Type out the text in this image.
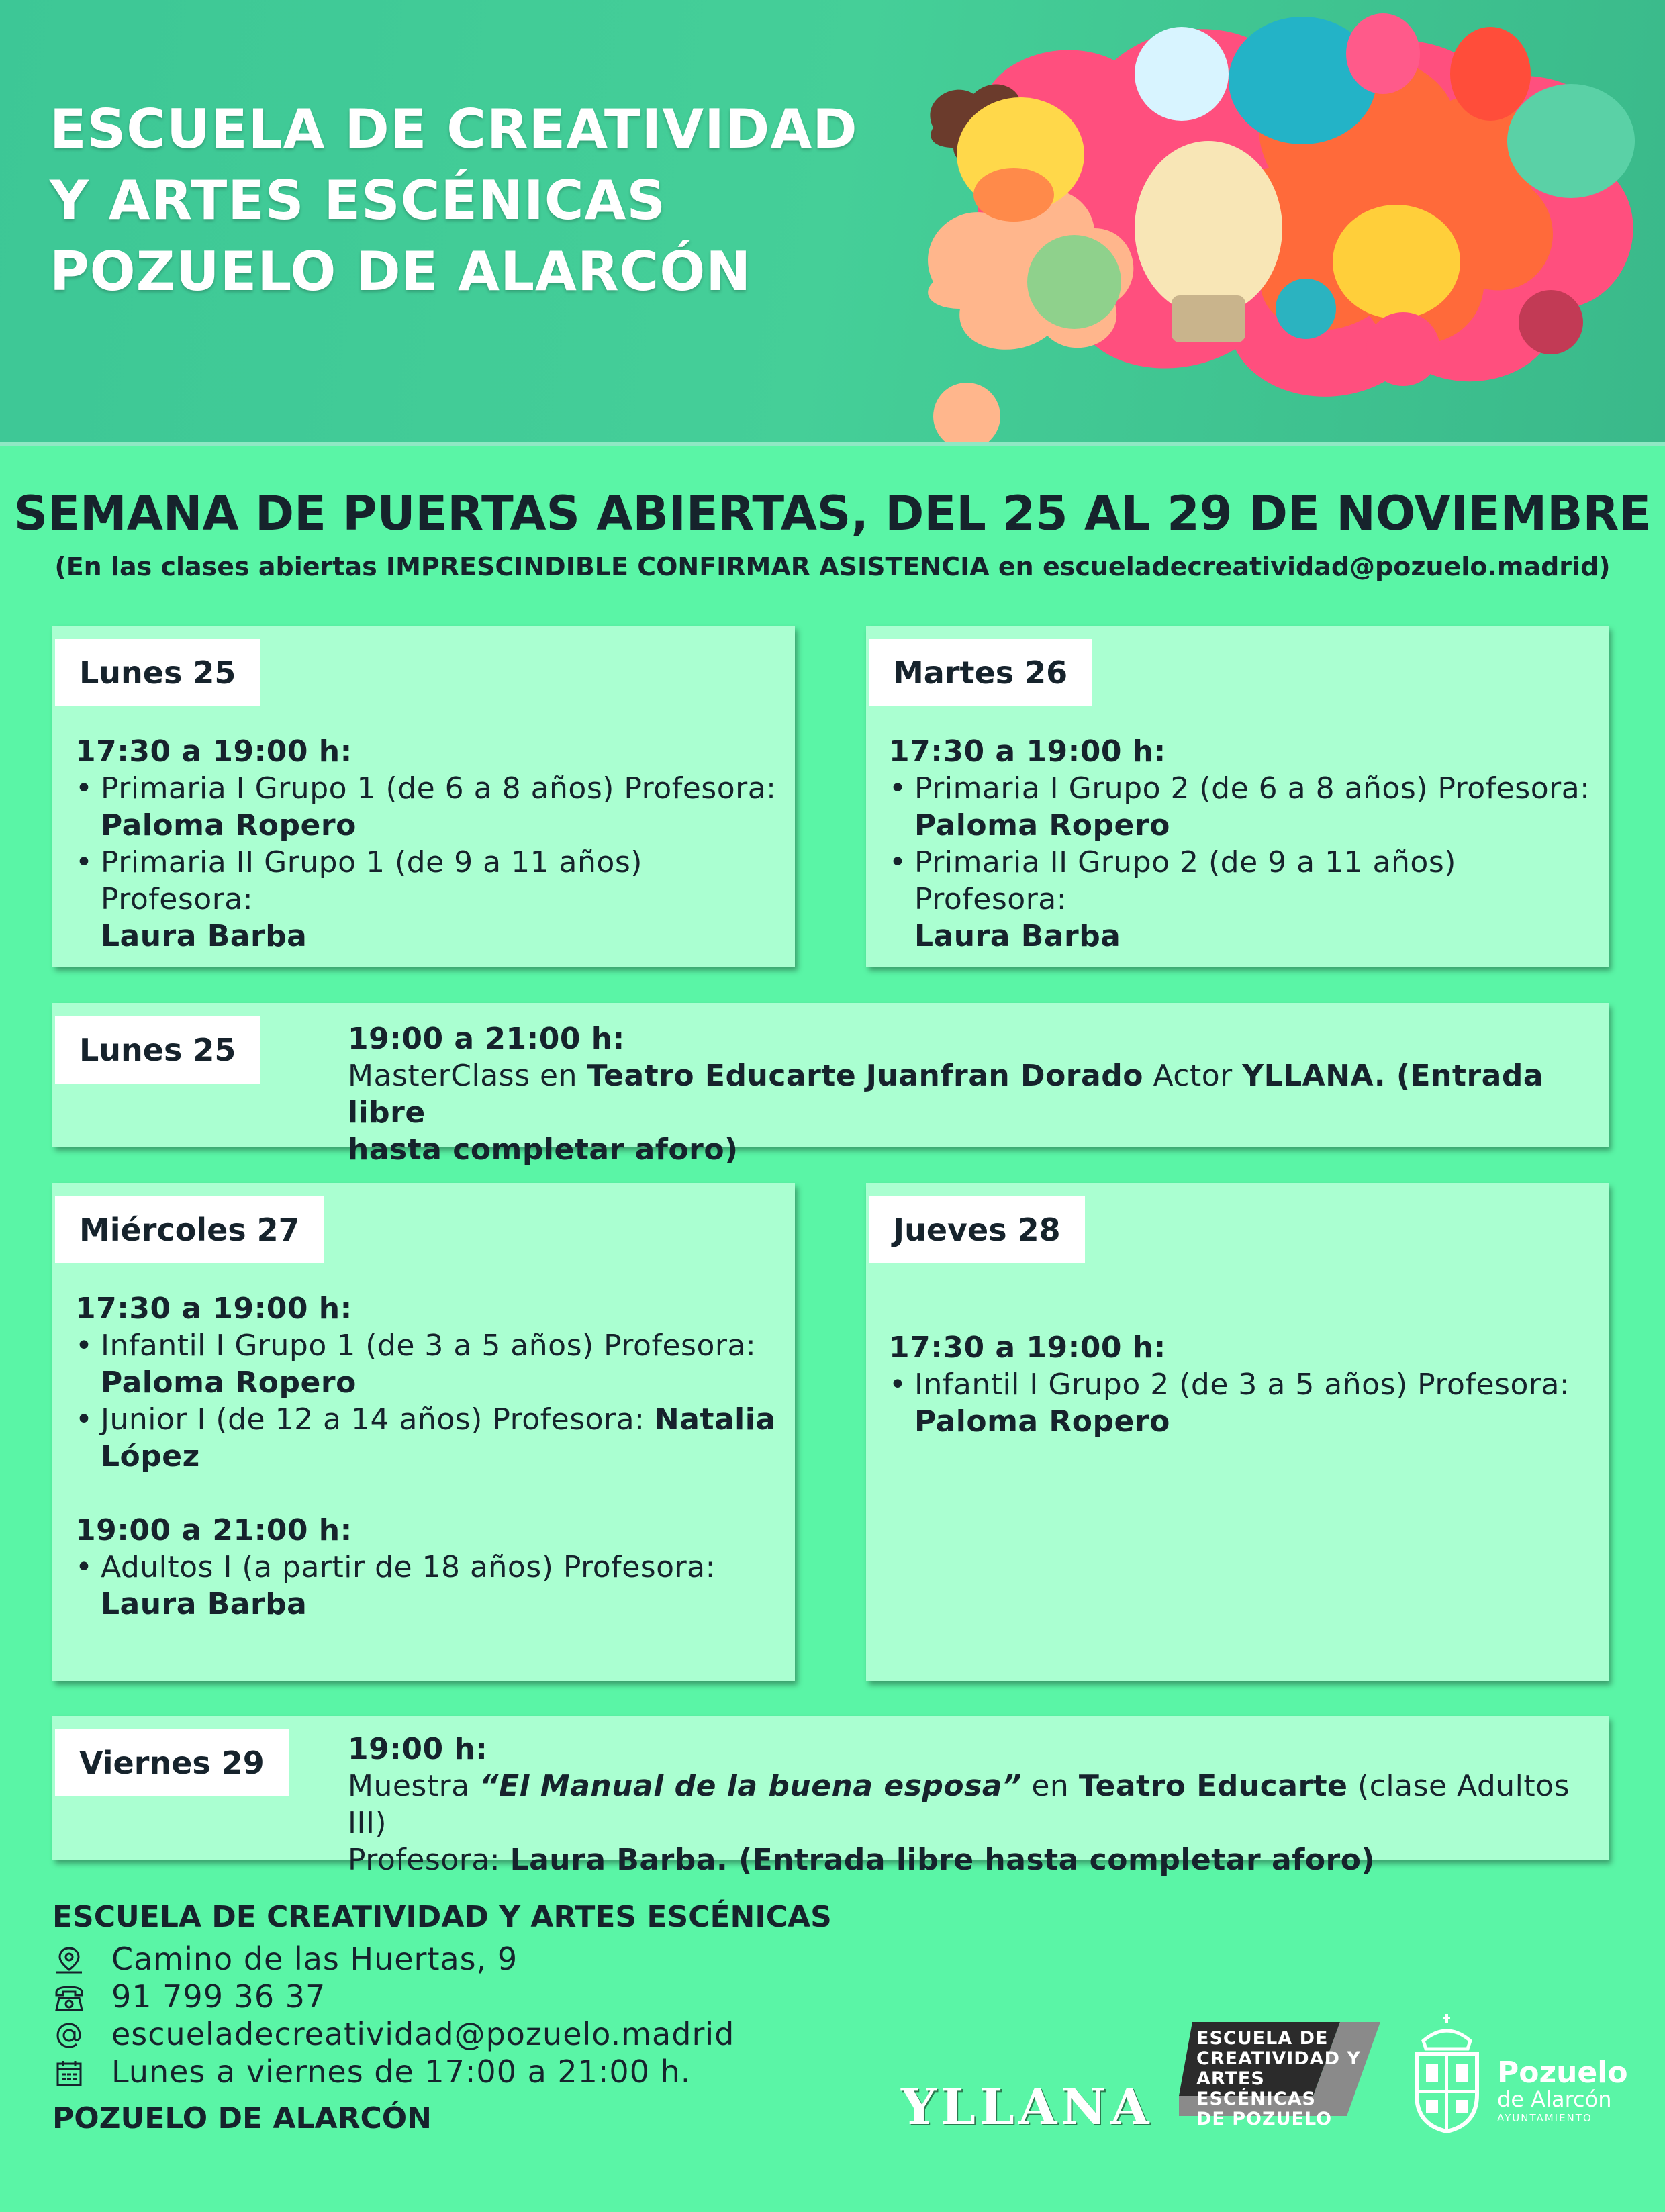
ESCUELA DE CREATIVIDAD
Y ARTES ESCÉNICAS
POZUELO DE ALARCÓN
SEMANA DE PUERTAS ABIERTAS, DEL 25 AL 29 DE NOVIEMBRE

(En las clases abiertas IMPRESCINDIBLE CONFIRMAR ASISTENCIA en escueladecreatividad@pozuelo.madrid)

Lunes 25
17:30 a 19:00 h:
• Primaria I Grupo 1 (de 6 a 8 años) Profesora:
Paloma Ropero
• Primaria II Grupo 1 (de 9 a 11 años) Profesora:
Laura Barba
Martes 26
17:30 a 19:00 h:
• Primaria I Grupo 2 (de 6 a 8 años) Profesora:
Paloma Ropero
• Primaria II Grupo 2 (de 9 a 11 años) Profesora:
Laura Barba
Lunes 25	19:00 a 21:00 h:
MasterClass en Teatro Educarte Juanfran Dorado Actor YLLANA. (Entrada libre
hasta completar aforo)
Miércoles 27
17:30 a 19:00 h:
• Infantil I Grupo 1 (de 3 a 5 años) Profesora:
Paloma Ropero
• Junior I (de 12 a 14 años) Profesora: Natalia
López
19:00 a 21:00 h:
• Adultos I (a partir de 18 años) Profesora:
Laura Barba
Jueves 28
17:30 a 19:00 h:
• Infantil I Grupo 2 (de 3 a 5 años) Profesora:
Paloma Ropero
Viernes 29	19:00 h:
Muestra “El Manual de la buena esposa” en Teatro Educarte (clase Adultos III)
Profesora: Laura Barba. (Entrada libre hasta completar aforo)
ESCUELA DE CREATIVIDAD Y ARTES ESCÉNICAS
Camino de las Huertas, 9
91 799 36 37
escueladecreatividad@pozuelo.madrid
Lunes a viernes de 17:00 a 21:00 h.
POZUELO DE ALARCÓN	YLLANA
ESCUELA DE
CREATIVIDAD Y
ARTES ESCÉNICAS
DE POZUELO
Pozuelo
de Alarcón
AYUNTAMIENTO
